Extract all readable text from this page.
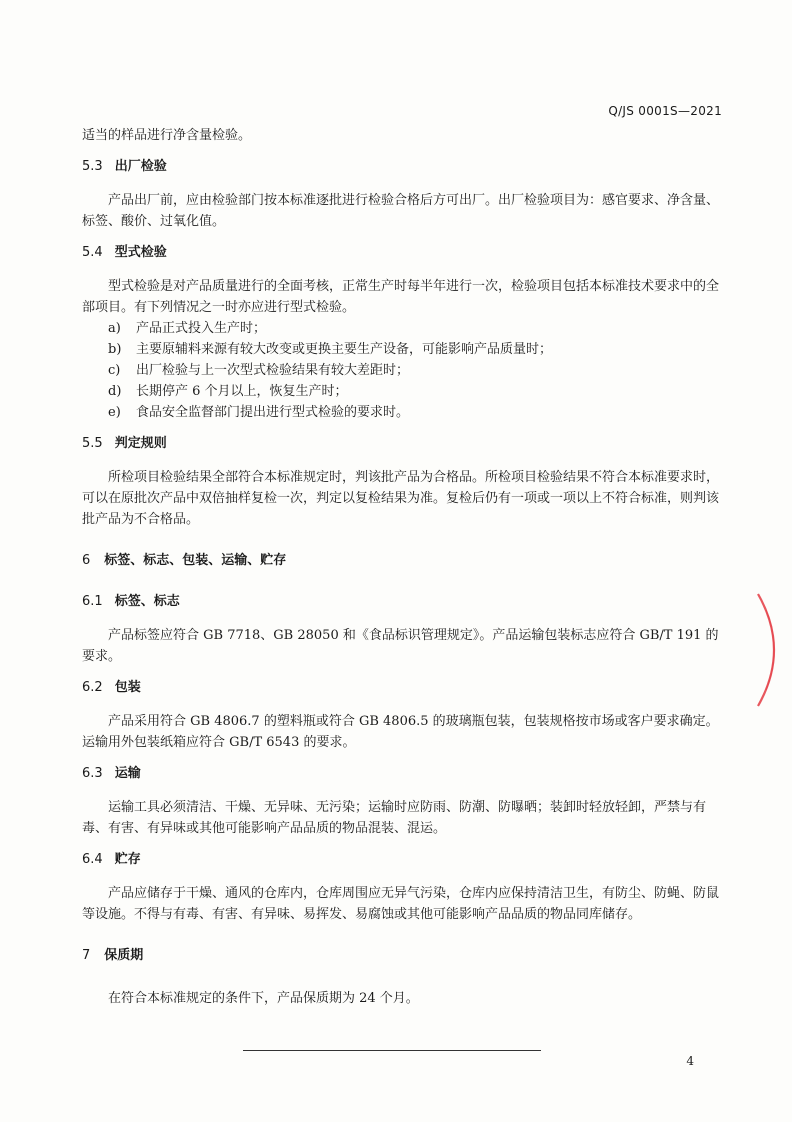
Q/JS 0001S—2021

适当的样品进行净含量检验。

5.3 出厂检验

产品出厂前，应由检验部门按本标准逐批进行检验合格后方可出厂。出厂检验项目为：感官要求、净含量、标签、酸价、过氧化值。

5.4 型式检验

型式检验是对产品质量进行的全面考核，正常生产时每半年进行一次，检验项目包括本标准技术要求中的全部项目。有下列情况之一时亦应进行型式检验。

a)	产品正式投入生产时；
b)	主要原辅料来源有较大改变或更换主要生产设备，可能影响产品质量时；
c)	出厂检验与上一次型式检验结果有较大差距时；
d)	长期停产 6 个月以上，恢复生产时；
e)	食品安全监督部门提出进行型式检验的要求时。
5.5 判定规则

所检项目检验结果全部符合本标准规定时，判该批产品为合格品。所检项目检验结果不符合本标准要求时，可以在原批次产品中双倍抽样复检一次，判定以复检结果为准。复检后仍有一项或一项以上不符合标准，则判该批产品为不合格品。

6 标签、标志、包装、运输、贮存
6.1 标签、标志

产品标签应符合 GB 7718、GB 28050 和《食品标识管理规定》。产品运输包装标志应符合 GB/T 191 的要求。

6.2 包装

产品采用符合 GB 4806.7 的塑料瓶或符合 GB 4806.5 的玻璃瓶包装，包装规格按市场或客户要求确定。运输用外包装纸箱应符合 GB/T 6543 的要求。

6.3 运输

运输工具必须清洁、干燥、无异味、无污染；运输时应防雨、防潮、防曝晒；装卸时轻放轻卸，严禁与有毒、有害、有异味或其他可能影响产品品质的物品混装、混运。

6.4 贮存

产品应储存于干燥、通风的仓库内，仓库周围应无异气污染，仓库内应保持清洁卫生，有防尘、防蝇、防鼠等设施。不得与有毒、有害、有异味、易挥发、易腐蚀或其他可能影响产品品质的物品同库储存。

7 保质期

在符合本标准规定的条件下，产品保质期为 24 个月。

4
